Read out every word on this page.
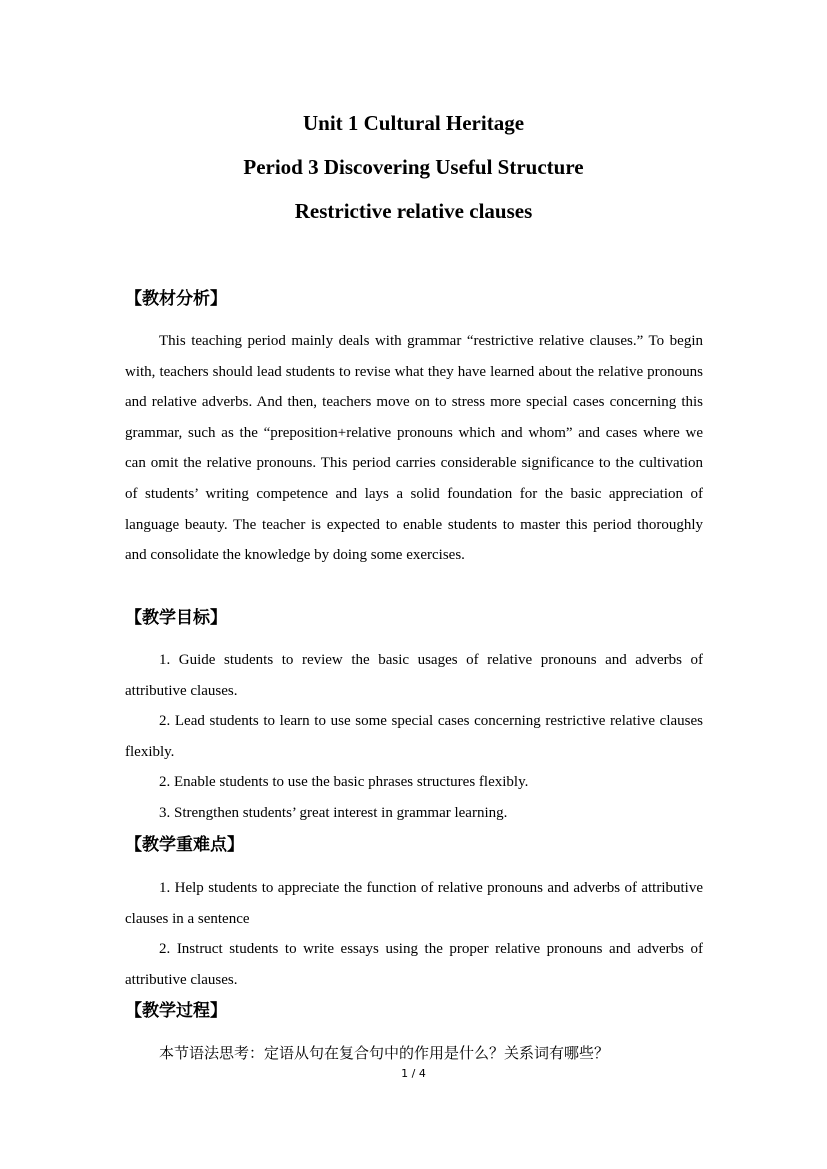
Unit 1 Cultural Heritage
Period 3 Discovering Useful Structure
Restrictive relative clauses
【教材分析】
This teaching period mainly deals with grammar “restrictive relative clauses.” To begin with, teachers should lead students to revise what they have learned about the relative pronouns and relative adverbs. And then, teachers move on to stress more special cases concerning this grammar, such as the “preposition+relative pronouns which and whom” and cases where we can omit the relative pronouns. This period carries considerable significance to the cultivation of students’ writing competence and lays a solid foundation for the basic appreciation of language beauty. The teacher is expected to enable students to master this period thoroughly and consolidate the knowledge by doing some exercises.
【教学目标】
1. Guide students to review the basic usages of relative pronouns and adverbs of attributive clauses.
2. Lead students to learn to use some special cases concerning restrictive relative clauses flexibly.
2. Enable students to use the basic phrases structures flexibly.
3. Strengthen students’ great interest in grammar learning.
【教学重难点】
1. Help students to appreciate the function of relative pronouns and adverbs of attributive clauses in a sentence
2. Instruct students to write essays using the proper relative pronouns and adverbs of attributive clauses.
【教学过程】
本节语法思考：定语从句在复合句中的作用是什么？关系词有哪些？
1 / 4
